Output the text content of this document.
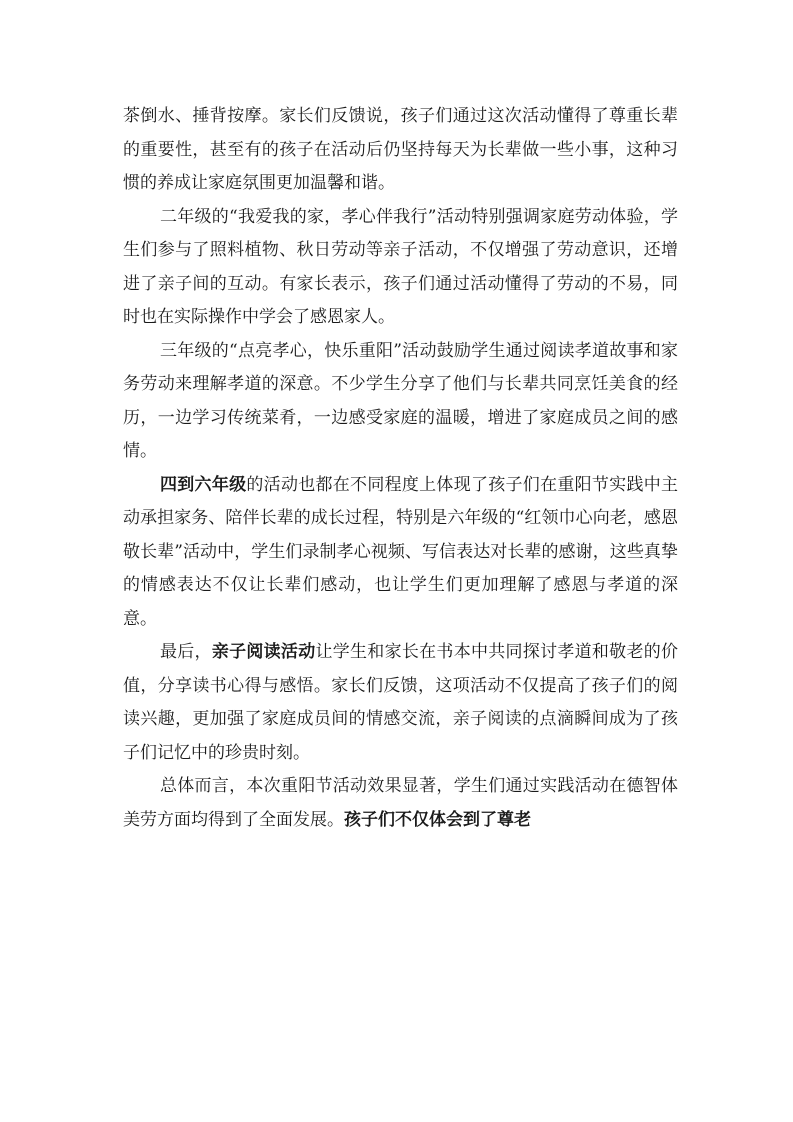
茶倒水、捶背按摩。家长们反馈说，孩子们通过这次活动懂得了尊重长辈的重要性，甚至有的孩子在活动后仍坚持每天为长辈做一些小事，这种习惯的养成让家庭氛围更加温馨和谐。

二年级的“我爱我的家，孝心伴我行”活动特别强调家庭劳动体验，学生们参与了照料植物、秋日劳动等亲子活动，不仅增强了劳动意识，还增进了亲子间的互动。有家长表示，孩子们通过活动懂得了劳动的不易，同时也在实际操作中学会了感恩家人。

三年级的“点亮孝心，快乐重阳”活动鼓励学生通过阅读孝道故事和家务劳动来理解孝道的深意。不少学生分享了他们与长辈共同烹饪美食的经历，一边学习传统菜肴，一边感受家庭的温暖，增进了家庭成员之间的感情。

四到六年级的活动也都在不同程度上体现了孩子们在重阳节实践中主动承担家务、陪伴长辈的成长过程，特别是六年级的“红领巾心向老，感恩敬长辈”活动中，学生们录制孝心视频、写信表达对长辈的感谢，这些真挚的情感表达不仅让长辈们感动，也让学生们更加理解了感恩与孝道的深意。

最后，亲子阅读活动让学生和家长在书本中共同探讨孝道和敬老的价值，分享读书心得与感悟。家长们反馈，这项活动不仅提高了孩子们的阅读兴趣，更加强了家庭成员间的情感交流，亲子阅读的点滴瞬间成为了孩子们记忆中的珍贵时刻。

总体而言，本次重阳节活动效果显著，学生们通过实践活动在德智体美劳方面均得到了全面发展。孩子们不仅体会到了尊老
